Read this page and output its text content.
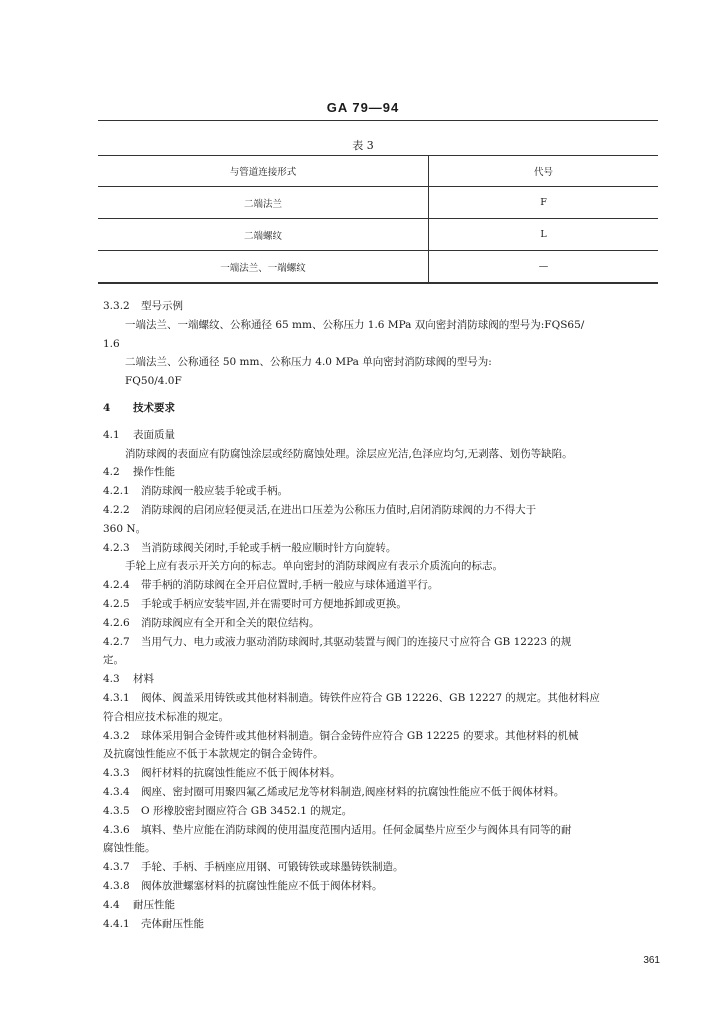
GA 79—94
表 3
与管道连接形式	代号
二端法兰	F
二端螺纹	L
一端法兰、一端螺纹	—

3.3.2 型号示例

一端法兰、一端螺纹、公称通径 65 mm、公称压力 1.6 MPa 双向密封消防球阀的型号为:FQS65/

1.6

二端法兰、公称通径 50 mm、公称压力 4.0 MPa 单向密封消防球阀的型号为:

FQ50/4.0F

4 技术要求

4.1 表面质量

消防球阀的表面应有防腐蚀涂层或经防腐蚀处理。涂层应光洁,色泽应均匀,无剥落、划伤等缺陷。

4.2 操作性能

4.2.1 消防球阀一般应装手轮或手柄。

4.2.2 消防球阀的启闭应轻便灵活,在进出口压差为公称压力值时,启闭消防球阀的力不得大于

360 N。

4.2.3 当消防球阀关闭时,手轮或手柄一般应顺时针方向旋转。

手轮上应有表示开关方向的标志。单向密封的消防球阀应有表示介质流向的标志。

4.2.4 带手柄的消防球阀在全开启位置时,手柄一般应与球体通道平行。

4.2.5 手轮或手柄应安装牢固,并在需要时可方便地拆卸或更换。

4.2.6 消防球阀应有全开和全关的限位结构。

4.2.7 当用气力、电力或液力驱动消防球阀时,其驱动装置与阀门的连接尺寸应符合 GB 12223 的规

定。

4.3 材料

4.3.1 阀体、阀盖采用铸铁或其他材料制造。铸铁件应符合 GB 12226、GB 12227 的规定。其他材料应

符合相应技术标准的规定。

4.3.2 球体采用铜合金铸件或其他材料制造。铜合金铸件应符合 GB 12225 的要求。其他材料的机械

及抗腐蚀性能应不低于本款规定的铜合金铸件。

4.3.3 阀杆材料的抗腐蚀性能应不低于阀体材料。

4.3.4 阀座、密封圈可用聚四氟乙烯或尼龙等材料制造,阀座材料的抗腐蚀性能应不低于阀体材料。

4.3.5 O 形橡胶密封圈应符合 GB 3452.1 的规定。

4.3.6 填料、垫片应能在消防球阀的使用温度范围内适用。任何金属垫片应至少与阀体具有同等的耐

腐蚀性能。

4.3.7 手轮、手柄、手柄座应用钢、可锻铸铁或球墨铸铁制造。

4.3.8 阀体放泄螺塞材料的抗腐蚀性能应不低于阀体材料。

4.4 耐压性能

4.4.1 壳体耐压性能

361
